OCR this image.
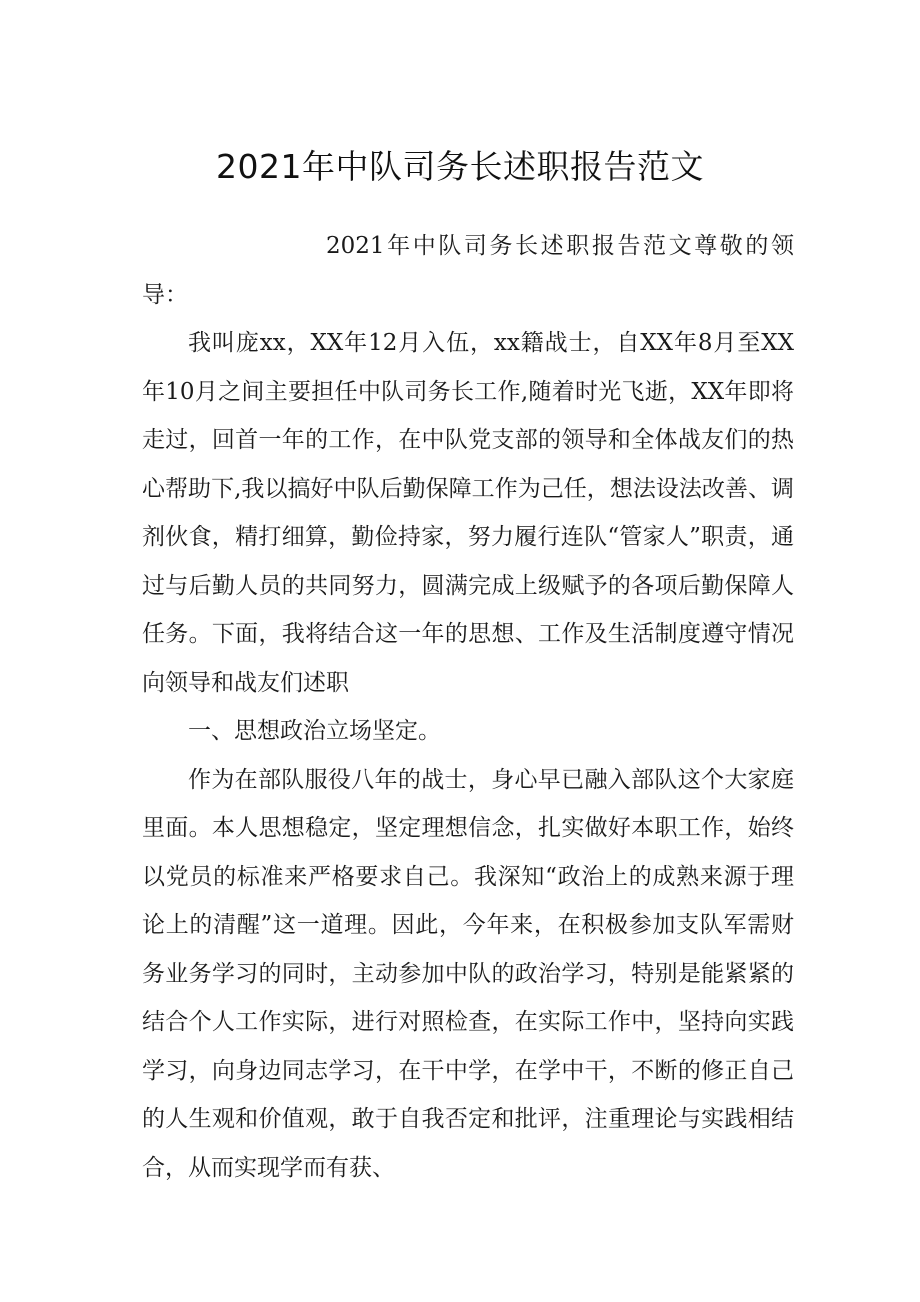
2021年中队司务长述职报告范文

2021年中队司务长述职报告范文尊敬的领导：

我叫庞xx，XX年12月入伍，xx籍战士，自XX年8月至XX年10月之间主要担任中队司务长工作,随着时光飞逝，XX年即将走过，回首一年的工作，在中队党支部的领导和全体战友们的热心帮助下,我以搞好中队后勤保障工作为己任，想法设法改善、调剂伙食，精打细算，勤俭持家，努力履行连队“管家人”职责，通过与后勤人员的共同努力，圆满完成上级赋予的各项后勤保障人任务。下面，我将结合这一年的思想、工作及生活制度遵守情况向领导和战友们述职

一、思想政治立场坚定。

作为在部队服役八年的战士，身心早已融入部队这个大家庭里面。本人思想稳定，坚定理想信念，扎实做好本职工作，始终以党员的标准来严格要求自己。我深知“政治上的成熟来源于理论上的清醒”这一道理。因此，今年来，在积极参加支队军需财务业务学习的同时，主动参加中队的政治学习，特别是能紧紧的结合个人工作实际，进行对照检查，在实际工作中，坚持向实践学习，向身边同志学习，在干中学，在学中干，不断的修正自己的人生观和价值观，敢于自我否定和批评，注重理论与实践相结合，从而实现学而有获、
